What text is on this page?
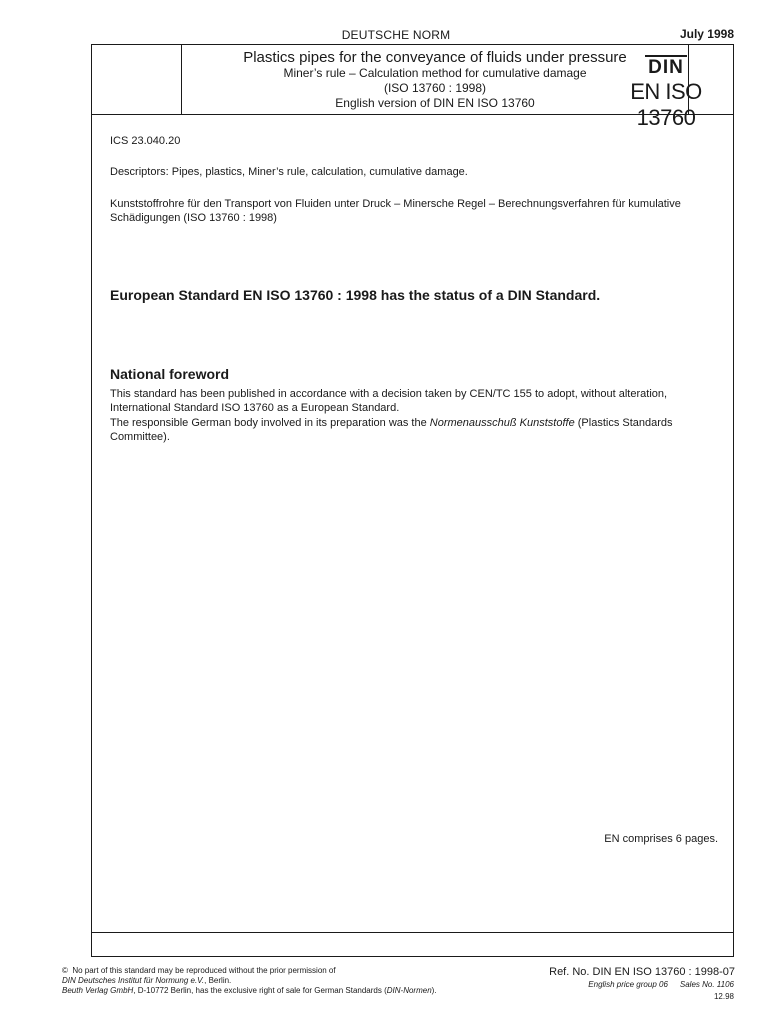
DEUTSCHE NORM	July 1998
Plastics pipes for the conveyance of fluids under pressure
Miner’s rule – Calculation method for cumulative damage
(ISO 13760 : 1998)
English version of DIN EN ISO 13760
DIN
EN ISO 13760
ICS 23.040.20
Descriptors: Pipes, plastics, Miner’s rule, calculation, cumulative damage.
Kunststoffrohre für den Transport von Fluiden unter Druck – Minersche Regel – Berechnungsverfahren für kumulative Schädigungen (ISO 13760 : 1998)
European Standard EN ISO 13760 : 1998 has the status of a DIN Standard.
National foreword
This standard has been published in accordance with a decision taken by CEN/TC 155 to adopt, without alteration, International Standard ISO 13760 as a European Standard.
The responsible German body involved in its preparation was the Normenausschuß Kunststoffe (Plastics Standards Committee).
EN comprises 6 pages.
© No part of this standard may be reproduced without the prior permission of
DIN Deutsches Institut für Normung e.V., Berlin.
Beuth Verlag GmbH, D-10772 Berlin, has the exclusive right of sale for German Standards (DIN-Normen).
Ref. No. DIN EN ISO 13760 : 1998-07
English price group 06 Sales No. 1106
12.98
